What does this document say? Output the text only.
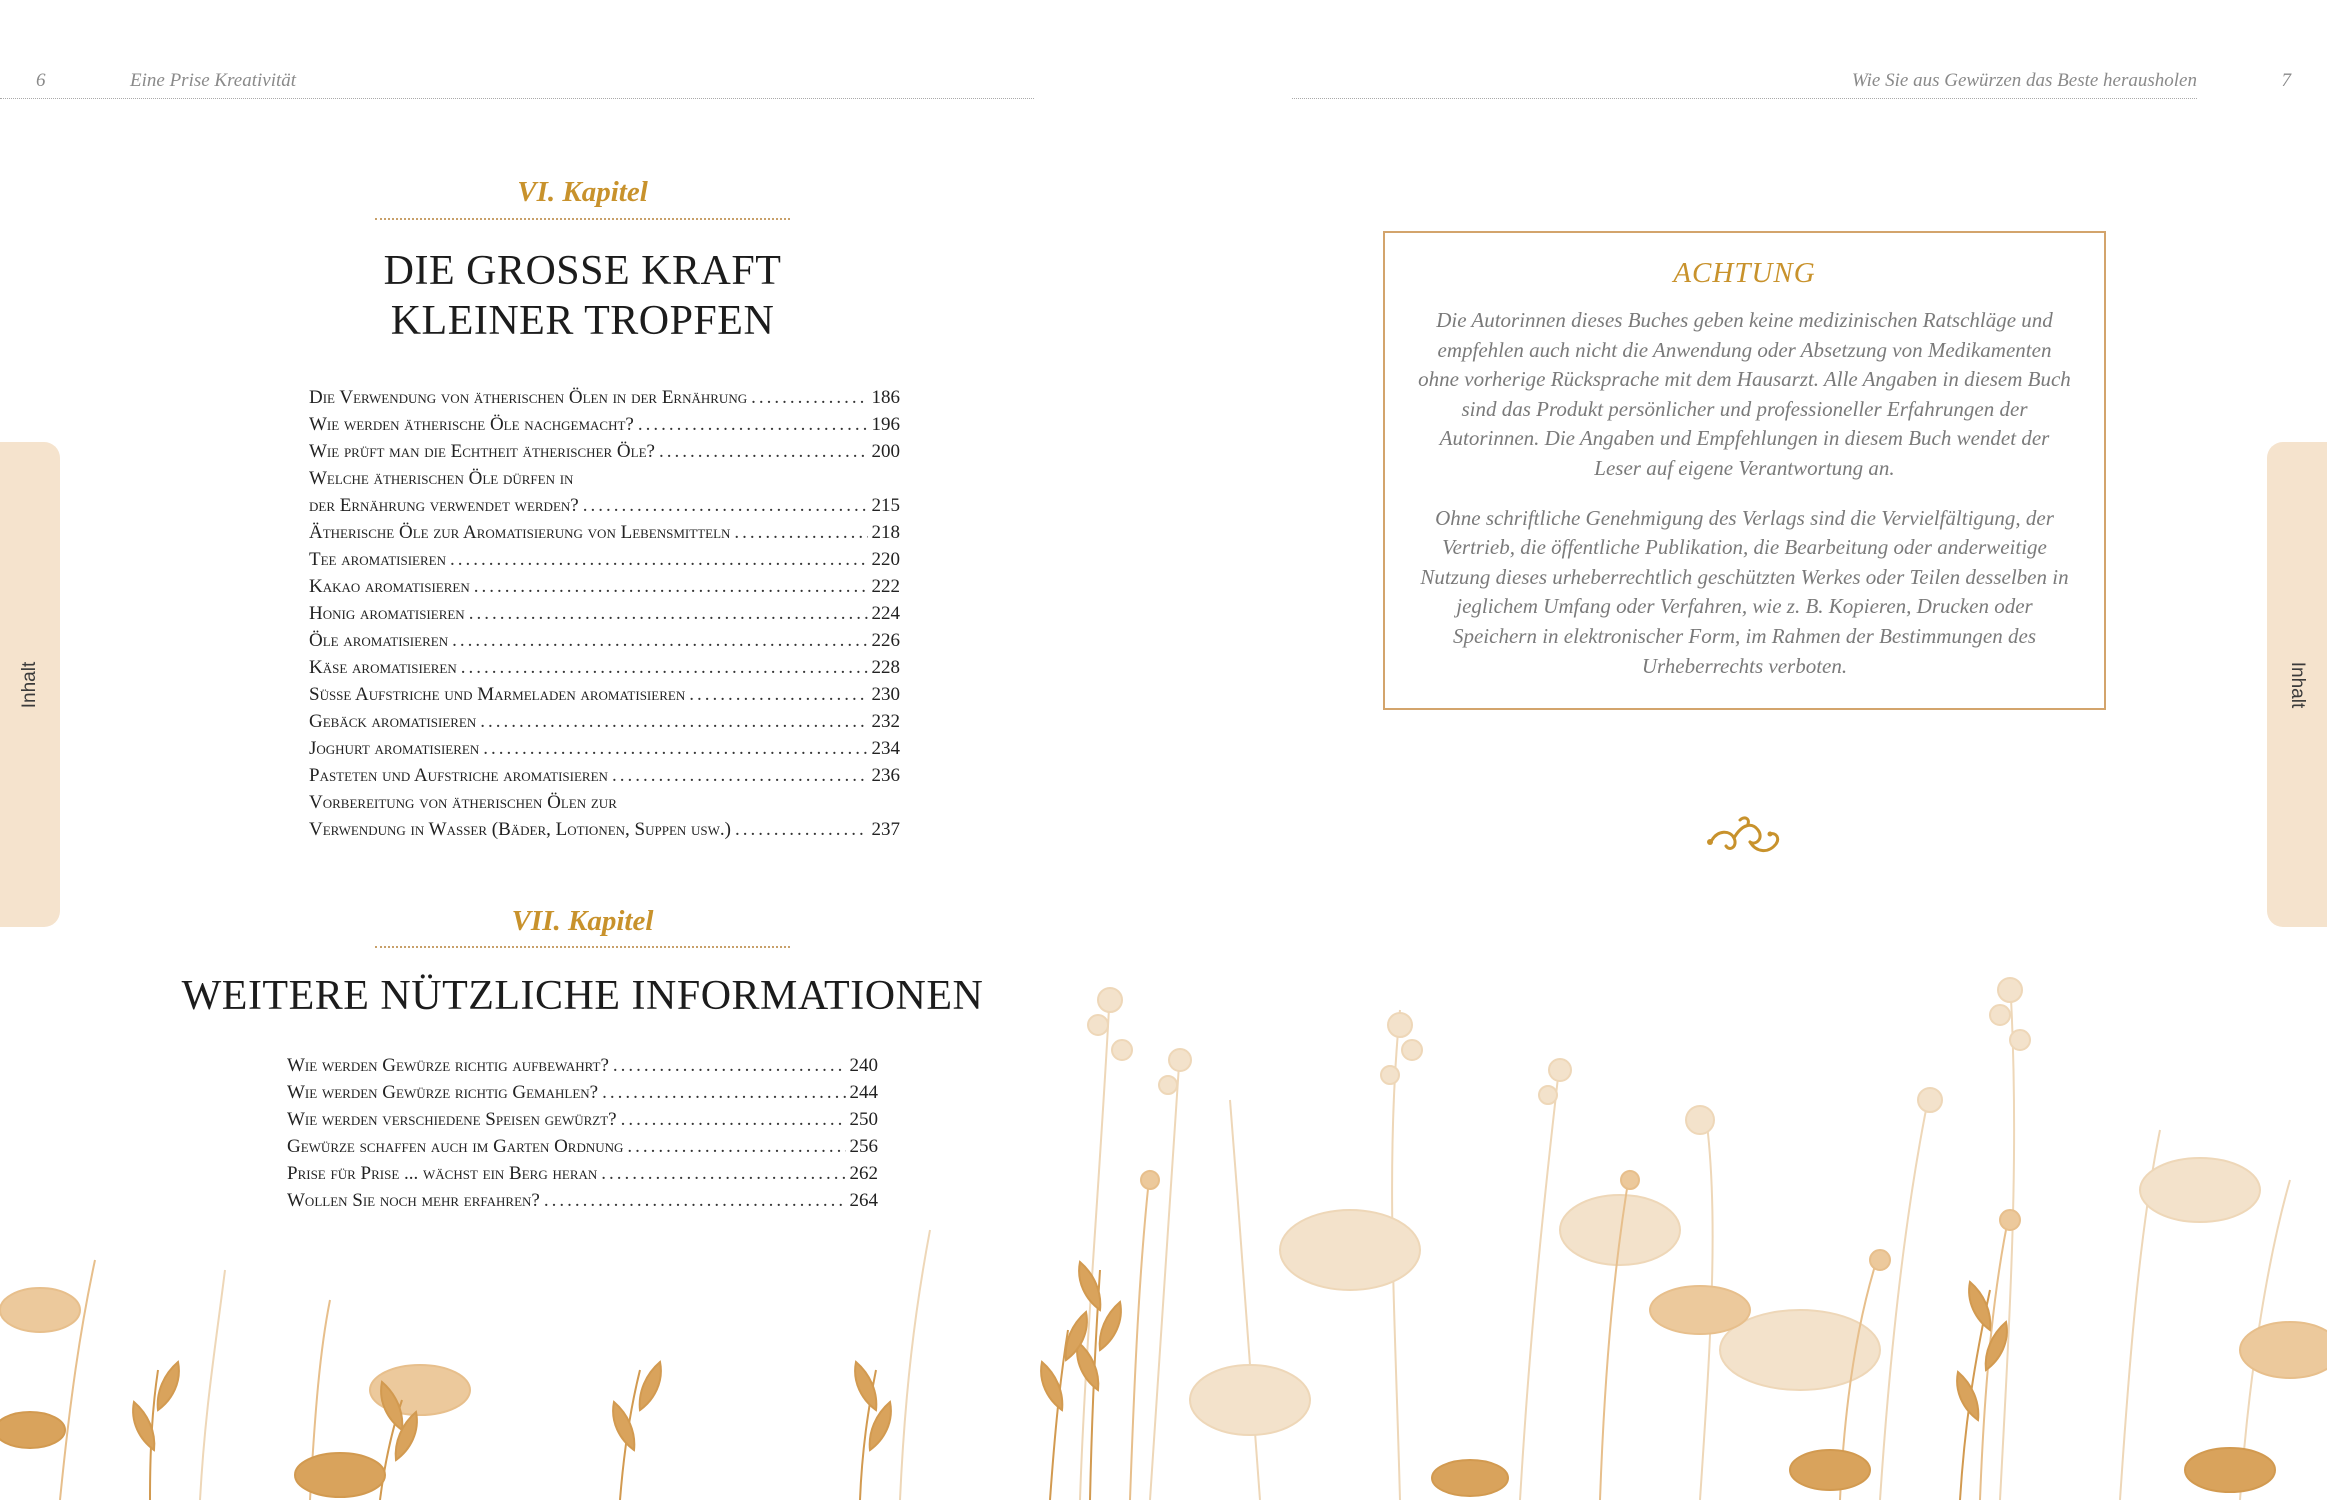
6	Eine Prise Kreativität	Wie Sie aus Gewürzen das Beste herausholen	7
Inhalt	Inhalt
VI. Kapitel
DIE GROSSE KRAFT
KLEINER TROPFEN
Die Verwendung von ätherischen Ölen in der Ernährung .....	186
Wie werden ätherische Öle nachgemacht? .....	196
Wie prüft man die Echtheit ätherischer Öle? .....	200
Welche ätherischen Öle dürfen in
der Ernährung verwendet werden? .....	215
Ätherische Öle zur Aromatisierung von Lebensmitteln .....	218
Tee aromatisieren .....	220
Kakao aromatisieren .....	222
Honig aromatisieren .....	224
Öle aromatisieren .....	226
Käse aromatisieren .....	228
Süsse Aufstriche und Marmeladen aromatisieren .....	230
Gebäck aromatisieren .....	232
Joghurt aromatisieren .....	234
Pasteten und Aufstriche aromatisieren .....	236
Vorbereitung von ätherischen Ölen zur
Verwendung in Wasser (Bäder, Lotionen, Suppen usw.) .....	237
VII. Kapitel
WEITERE NÜTZLICHE INFORMATIONEN
Wie werden Gewürze richtig aufbewahrt? .....	240
Wie werden Gewürze richtig Gemahlen? .....	244
Wie werden verschiedene Speisen gewürzt? .....	250
Gewürze schaffen auch im Garten Ordnung .....	256
Prise für Prise ... wächst ein Berg heran .....	262
Wollen Sie noch mehr erfahren? .....	264
ACHTUNG
Die Autorinnen dieses Buches geben keine medizinischen Ratschläge und empfehlen auch nicht die Anwendung oder Absetzung von Medikamenten ohne vorherige Rücksprache mit dem Hausarzt. Alle Angaben in diesem Buch sind das Produkt persönlicher und professioneller Erfahrungen der Autorinnen. Die Angaben und Empfehlungen in diesem Buch wendet der Leser auf eigene Verantwortung an.
Ohne schriftliche Genehmigung des Verlags sind die Vervielfältigung, der Vertrieb, die öffentliche Publikation, die Bearbeitung oder anderweitige Nutzung dieses urheberrechtlich geschützten Werkes oder Teilen desselben in jeglichem Umfang oder Verfahren, wie z. B. Kopieren, Drucken oder Speichern in elektronischer Form, im Rahmen der Bestimmungen des Urheberrechts verboten.
